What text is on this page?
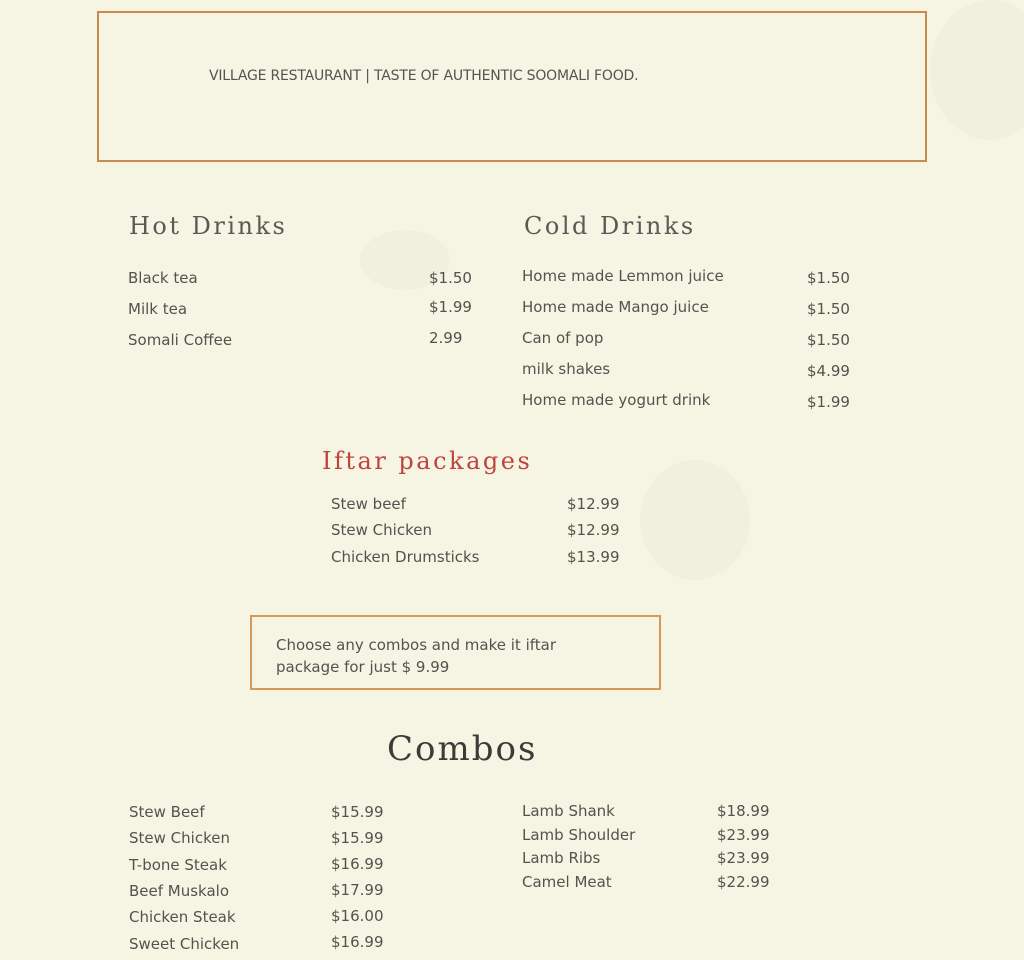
VILLAGE RESTAURANT | TASTE OF AUTHENTIC SOOMALI FOOD.
Hot Drinks
Black tea	$1.50
Milk tea	$1.99
Somali Coffee	2.99
Cold Drinks
Home made Lemmon juice	$1.50
Home made Mango juice	$1.50
Can of pop	$1.50
milk shakes	$4.99
Home made yogurt drink	$1.99
Iftar packages
Stew beef	$12.99
Stew Chicken	$12.99
Chicken Drumsticks	$13.99
Choose any combos and make it iftar package for just $ 9.99
Combos
Stew Beef	$15.99
Stew Chicken	$15.99
T-bone Steak	$16.99
Beef Muskalo	$17.99
Chicken Steak	$16.00
Sweet Chicken	$16.99
Lamb Shank	$18.99
Lamb Shoulder	$23.99
Lamb Ribs	$23.99
Camel Meat	$22.99
